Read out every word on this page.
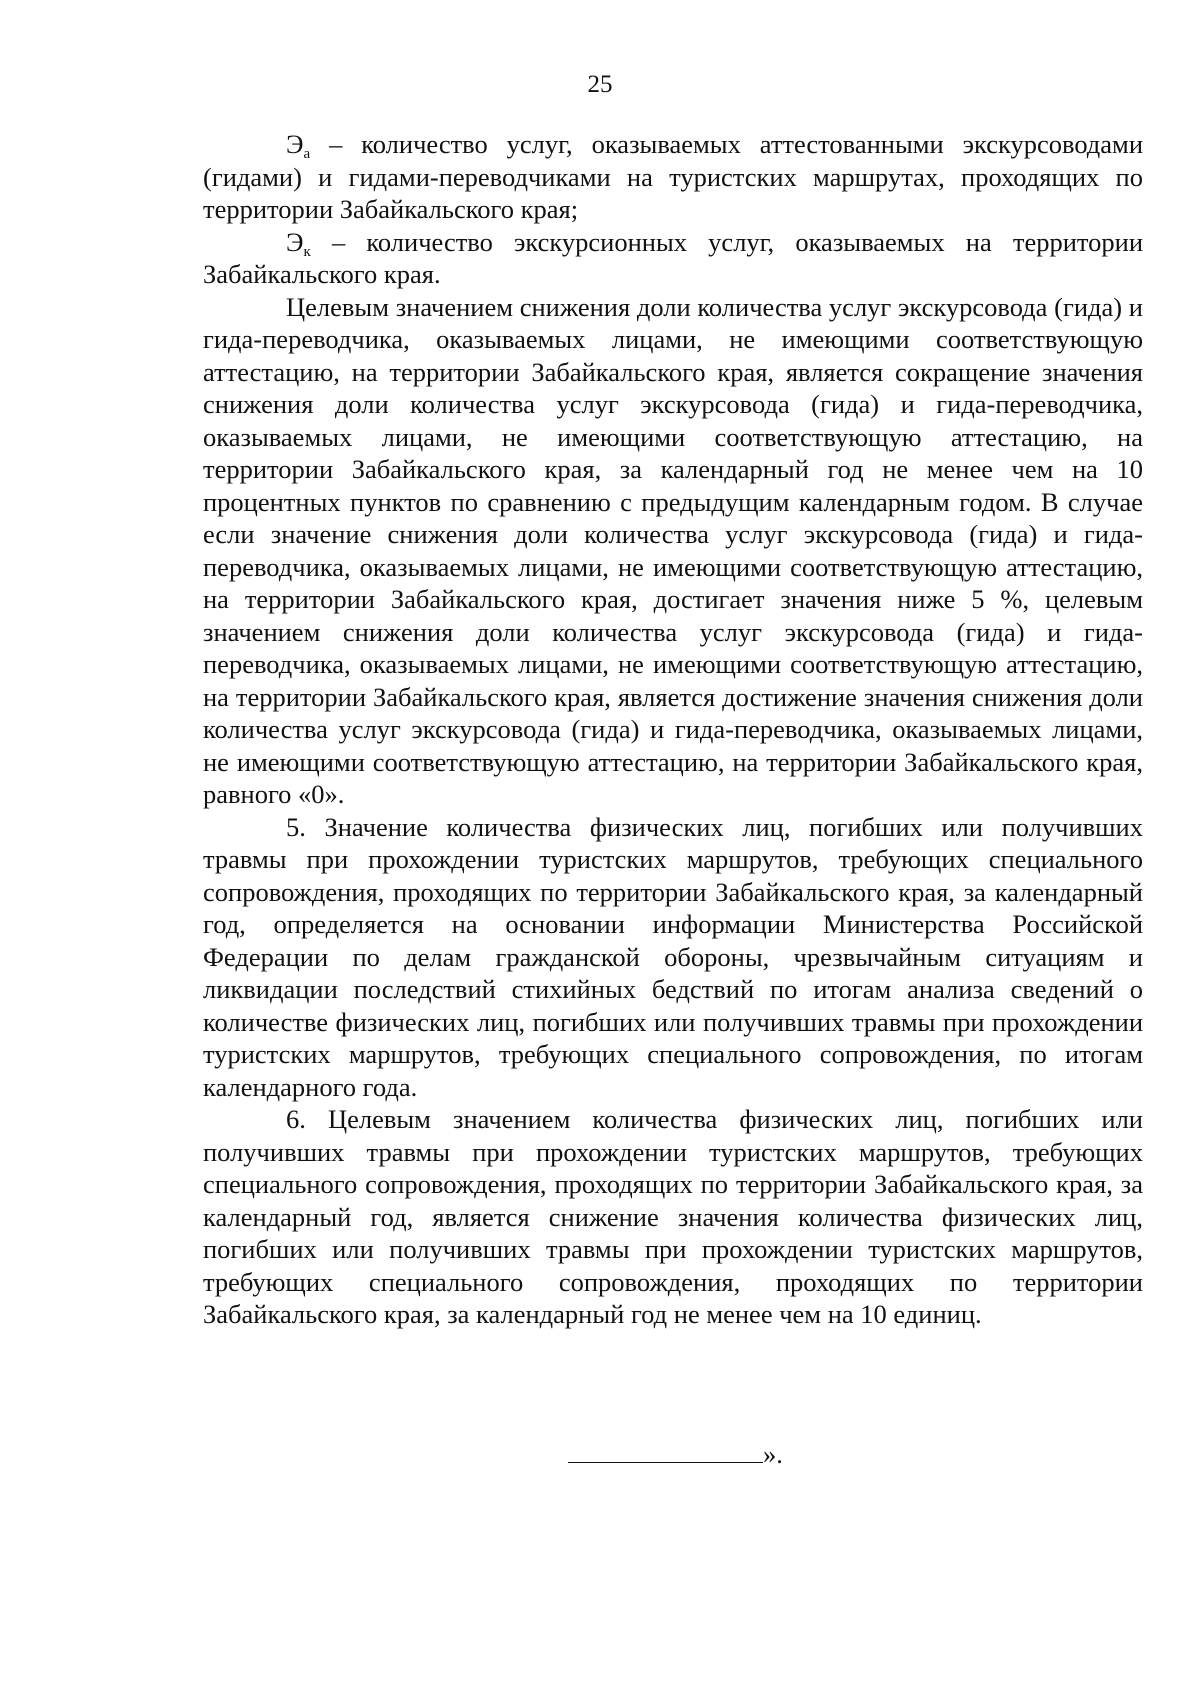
25

$Э_а$ – количество услуг, оказываемых аттестованными экскурсоводами (гидами) и гидами-переводчиками на туристских маршрутах, проходящих по территории Забайкальского края;

$Э_к$ – количество экскурсионных услуг, оказываемых на территории Забайкальского края.

Целевым значением снижения доли количества услуг экскурсовода (гида) и гида-переводчика, оказываемых лицами, не имеющими соответствующую аттестацию, на территории Забайкальского края, является сокращение значения снижения доли количества услуг экскурсовода (гида) и гида-переводчика, оказываемых лицами, не имеющими соответствующую аттестацию, на территории Забайкальского края, за календарный год не менее чем на 10 процентных пунктов по сравнению с предыдущим календарным годом. В случае если значение снижения доли количества услуг экскурсовода (гида) и гида-переводчика, оказываемых лицами, не имеющими соответствующую аттестацию, на территории Забайкальского края, достигает значения ниже 5 %, целевым значением снижения доли количества услуг экскурсовода (гида) и гида-переводчика, оказываемых лицами, не имеющими соответствующую аттестацию, на территории Забайкальского края, является достижение значения снижения доли количества услуг экскурсовода (гида) и гида-переводчика, оказываемых лицами, не имеющими соответствующую аттестацию, на территории Забайкальского края, равного «0».

5. Значение количества физических лиц, погибших или получивших травмы при прохождении туристских маршрутов, требующих специального сопровождения, проходящих по территории Забайкальского края, за календарный год, определяется на основании информации Министерства Российской Федерации по делам гражданской обороны, чрезвычайным ситуациям и ликвидации последствий стихийных бедствий по итогам анализа сведений о количестве физических лиц, погибших или получивших травмы при прохождении туристских маршрутов, требующих специального сопровождения, по итогам календарного года.

6. Целевым значением количества физических лиц, погибших или получивших травмы при прохождении туристских маршрутов, требующих специального сопровождения, проходящих по территории Забайкальского края, за календарный год, является снижение значения количества физических лиц, погибших или получивших травмы при прохождении туристских маршрутов, требующих специального сопровождения, проходящих по территории Забайкальского края, за календарный год не менее чем на 10 единиц.

».
